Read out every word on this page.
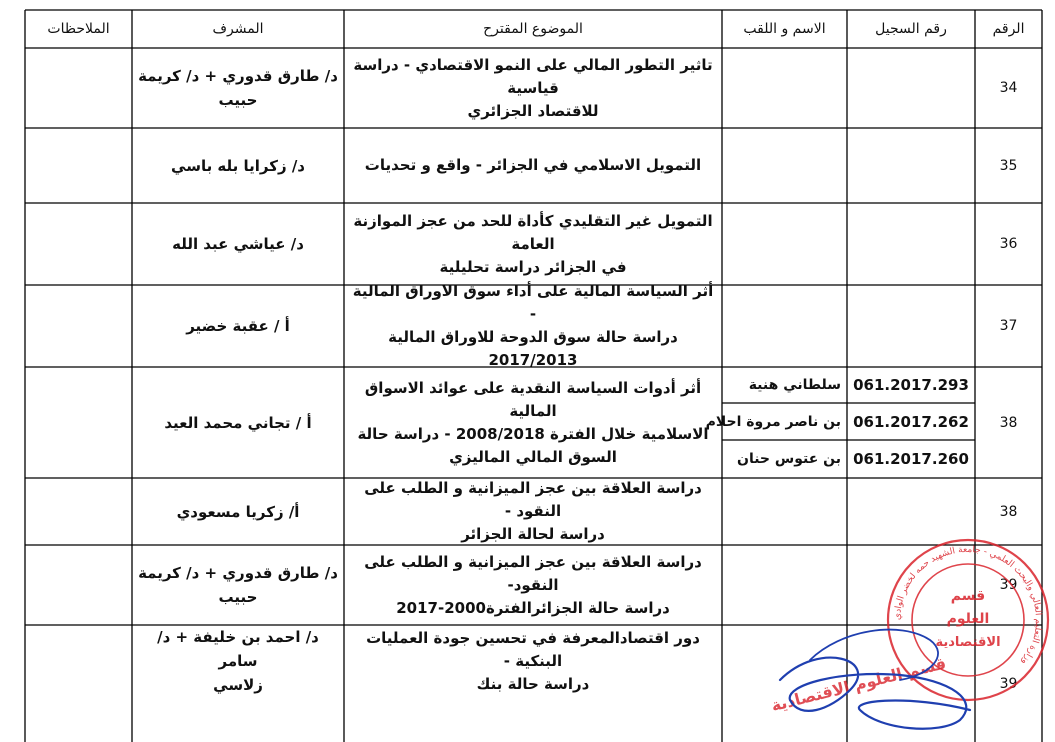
الرقم
رقم السجيل
الاسم و اللقب
الموضوع المقترح
المشرف
الملاحظات
34
تاثير التطور المالي على النمو الاقتصادي - دراسة قياسية
للاقتصاد الجزائري
د/ طارق قدوري + د/ كريمة
حبيب
35
التمويل الاسلامي في الجزائر - واقع و تحديات
د/ زكرايا بله باسي
36
التمويل غير التقليدي كأداة للحد من عجز الموازنة العامة
في الجزائر دراسة تحليلية
د/ عياشي عبد الله
37
أثر السياسة المالية على أداء سوق الاوراق المالية -
دراسة حالة سوق الدوحة للاوراق المالية 2017/2013
أ / عقبة خضير
38
061.2017.293
061.2017.262
061.2017.260
سلطاني هنية
بن ناصر مروة احلام
بن عتوس حنان
أثر أدوات السياسة النقدية على عوائد الاسواق المالية
الاسلامية خلال الفترة 2008/2018 - دراسة حالة
السوق المالي الماليزي
أ / تجاني محمد العيد
38
دراسة العلاقة بين عجز الميزانية و الطلب على النقود -
دراسة لحالة الجزائر
أ/ زكريا مسعودي
39
دراسة العلاقة بين عجز الميزانية و الطلب على النقود-
دراسة حالة الجزائرالفترة2000-2017
د/ طارق قدوري + د/ كريمة
حبيب
39
دور اقتصادالمعرفة في تحسين جودة العمليات البنكية -
دراسة حالة بنك
د/ احمد بن خليفة + د/ سامر
زلاسي
وزارة التعليم العالي والبحث العلمي - جامعة الشهيد حمه لخضر الوادي
قسم
العلوم
الاقتصادية
قسم العلوم الاقتصادية
